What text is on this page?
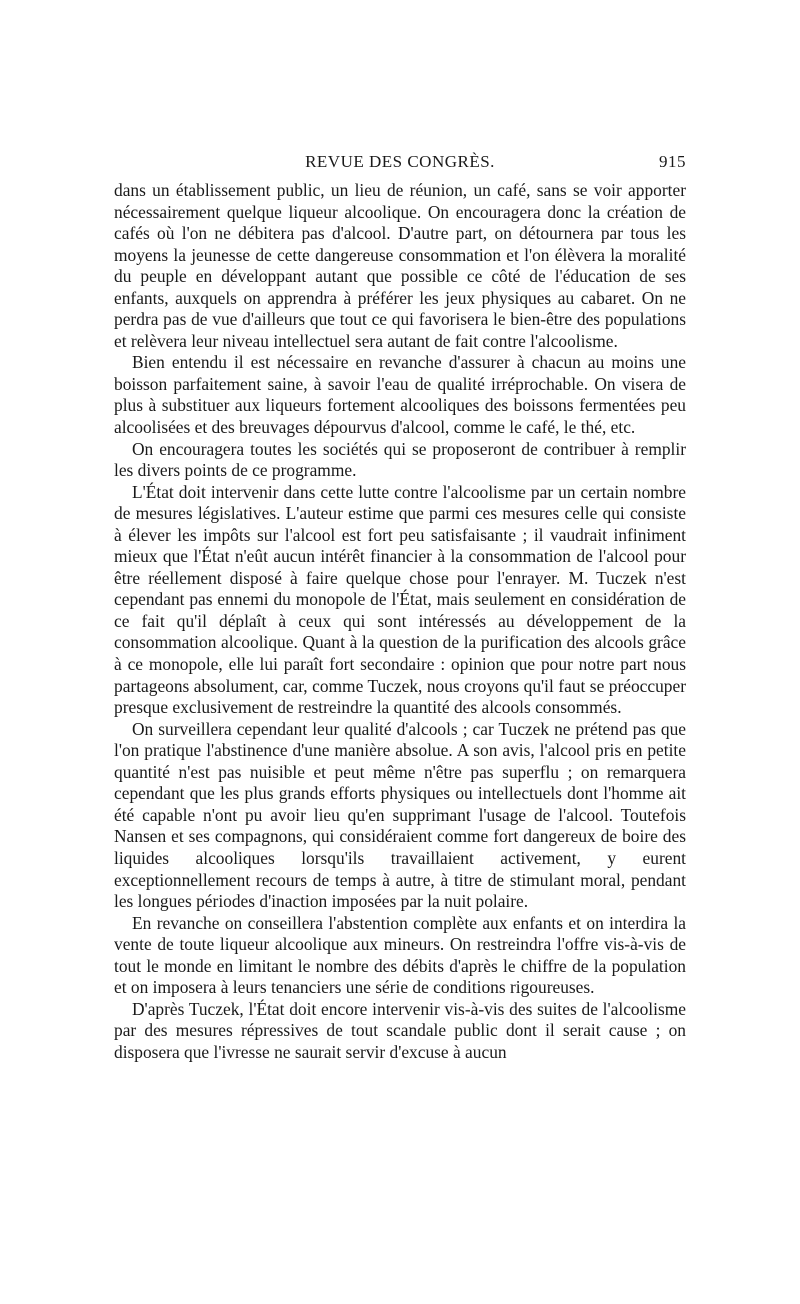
REVUE DES CONGRÈS.	915

dans un établissement public, un lieu de réunion, un café, sans se voir apporter nécessairement quelque liqueur alcoolique. On encouragera donc la création de cafés où l'on ne débitera pas d'alcool. D'autre part, on détournera par tous les moyens la jeunesse de cette dangereuse consommation et l'on élèvera la moralité du peuple en développant autant que possible ce côté de l'éducation de ses enfants, auxquels on apprendra à préférer les jeux physiques au cabaret. On ne perdra pas de vue d'ailleurs que tout ce qui favorisera le bien-être des populations et relèvera leur niveau intellectuel sera autant de fait contre l'alcoolisme.

Bien entendu il est nécessaire en revanche d'assurer à chacun au moins une boisson parfaitement saine, à savoir l'eau de qualité irréprochable. On visera de plus à substituer aux liqueurs fortement alcooliques des boissons fermentées peu alcoolisées et des breuvages dépourvus d'alcool, comme le café, le thé, etc.

On encouragera toutes les sociétés qui se proposeront de contribuer à remplir les divers points de ce programme.

L'État doit intervenir dans cette lutte contre l'alcoolisme par un certain nombre de mesures législatives. L'auteur estime que parmi ces mesures celle qui consiste à élever les impôts sur l'alcool est fort peu satisfaisante ; il vaudrait infiniment mieux que l'État n'eût aucun intérêt financier à la consommation de l'alcool pour être réellement disposé à faire quelque chose pour l'enrayer. M. Tuczek n'est cependant pas ennemi du monopole de l'État, mais seulement en considération de ce fait qu'il déplaît à ceux qui sont intéressés au développement de la consommation alcoolique. Quant à la question de la purification des alcools grâce à ce monopole, elle lui paraît fort secondaire : opinion que pour notre part nous partageons absolument, car, comme Tuczek, nous croyons qu'il faut se préoccuper presque exclusivement de restreindre la quantité des alcools consommés.

On surveillera cependant leur qualité d'alcools ; car Tuczek ne prétend pas que l'on pratique l'abstinence d'une manière absolue. A son avis, l'alcool pris en petite quantité n'est pas nuisible et peut même n'être pas superflu ; on remarquera cependant que les plus grands efforts physiques ou intellectuels dont l'homme ait été capable n'ont pu avoir lieu qu'en supprimant l'usage de l'alcool. Toutefois Nansen et ses compagnons, qui considéraient comme fort dangereux de boire des liquides alcooliques lorsqu'ils travaillaient activement, y eurent exceptionnellement recours de temps à autre, à titre de stimulant moral, pendant les longues périodes d'inaction imposées par la nuit polaire.

En revanche on conseillera l'abstention complète aux enfants et on interdira la vente de toute liqueur alcoolique aux mineurs. On restreindra l'offre vis-à-vis de tout le monde en limitant le nombre des débits d'après le chiffre de la population et on imposera à leurs tenanciers une série de conditions rigoureuses.

D'après Tuczek, l'État doit encore intervenir vis-à-vis des suites de l'alcoolisme par des mesures répressives de tout scandale public dont il serait cause ; on disposera que l'ivresse ne saurait servir d'excuse à aucun
